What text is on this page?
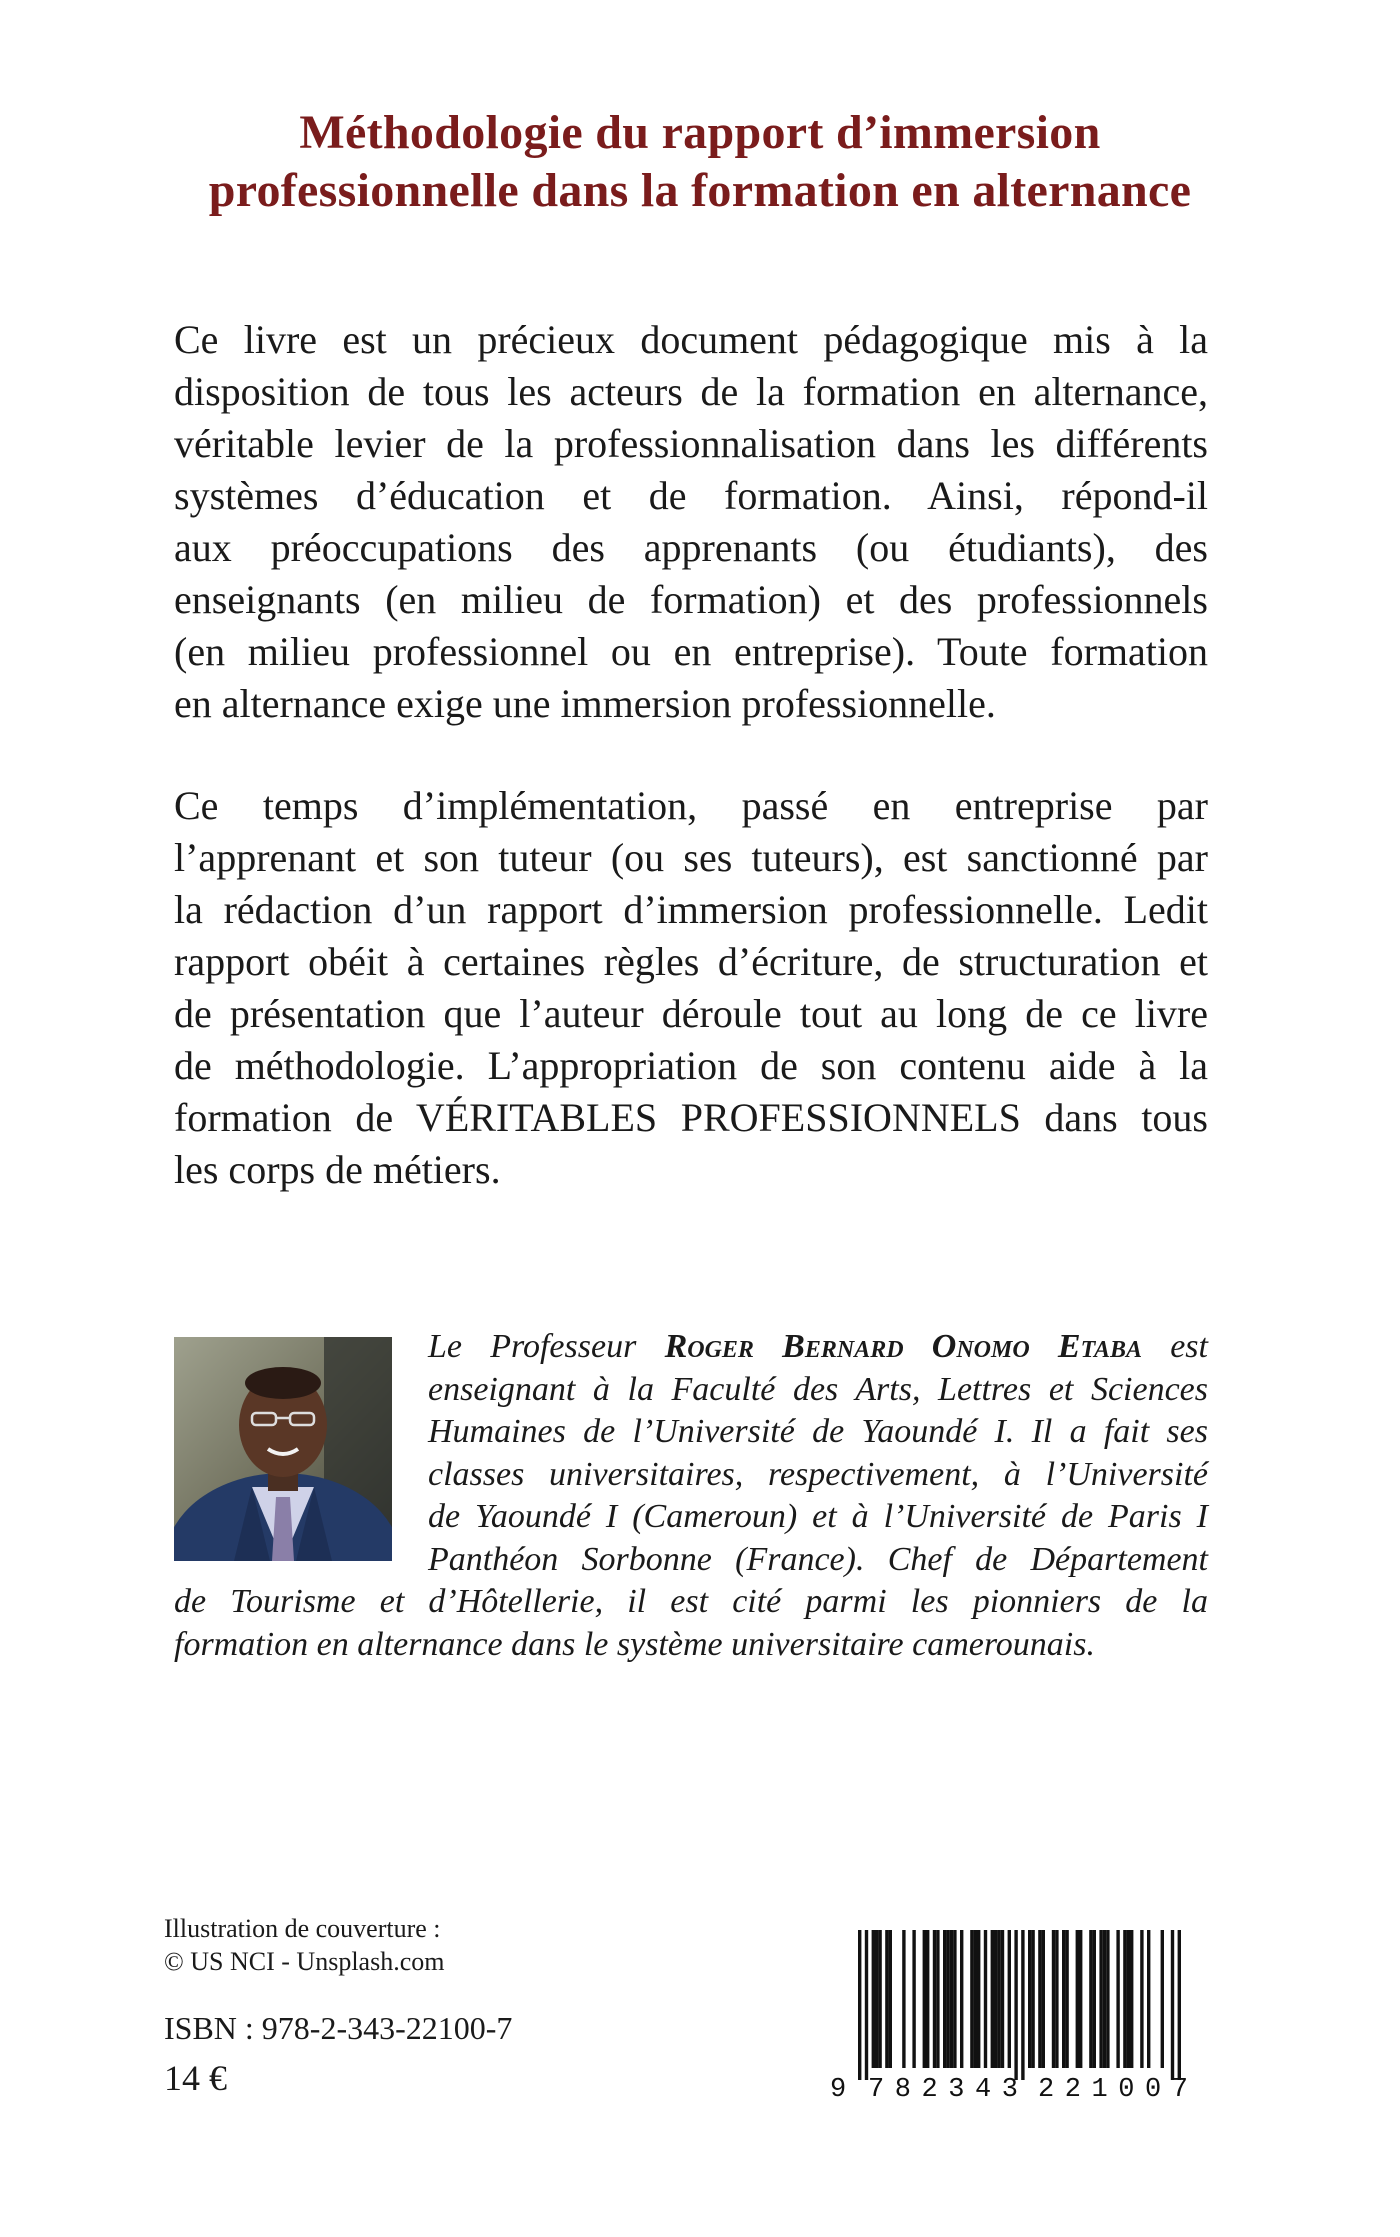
Méthodologie du rapport d’immersion
professionnelle dans la formation en alternance
Ce livre est un précieux document pédagogique mis à la
disposition de tous les acteurs de la formation en alternance,
véritable levier de la professionnalisation dans les différents
systèmes d’éducation et de formation. Ainsi, répond-il
aux préoccupations des apprenants (ou étudiants), des
enseignants (en milieu de formation) et des professionnels
(en milieu professionnel ou en entreprise). Toute formation
en alternance exige une immersion professionnelle.
Ce temps d’implémentation, passé en entreprise par
l’apprenant et son tuteur (ou ses tuteurs), est sanctionné par
la rédaction d’un rapport d’immersion professionnelle. Ledit
rapport obéit à certaines règles d’écriture, de structuration et
de présentation que l’auteur déroule tout au long de ce livre
de méthodologie. L’appropriation de son contenu aide à la
formation de VÉRITABLES PROFESSIONNELS dans tous
les corps de métiers.
Le Professeur Roger Bernard Onomo Etaba est
enseignant à la Faculté des Arts, Lettres et Sciences
Humaines de l’Université de Yaoundé I. Il a fait ses
classes universitaires, respectivement, à l’Université
de Yaoundé I (Cameroun) et à l’Université de Paris I
Panthéon Sorbonne (France). Chef de Département
de Tourisme et d’Hôtellerie, il est cité parmi les pionniers de la
formation en alternance dans le système universitaire camerounais.
Illustration de couverture :
© US NCI - Unsplash.com
ISBN : 978-2-343-22100-7
14 €	9 782343 221007
